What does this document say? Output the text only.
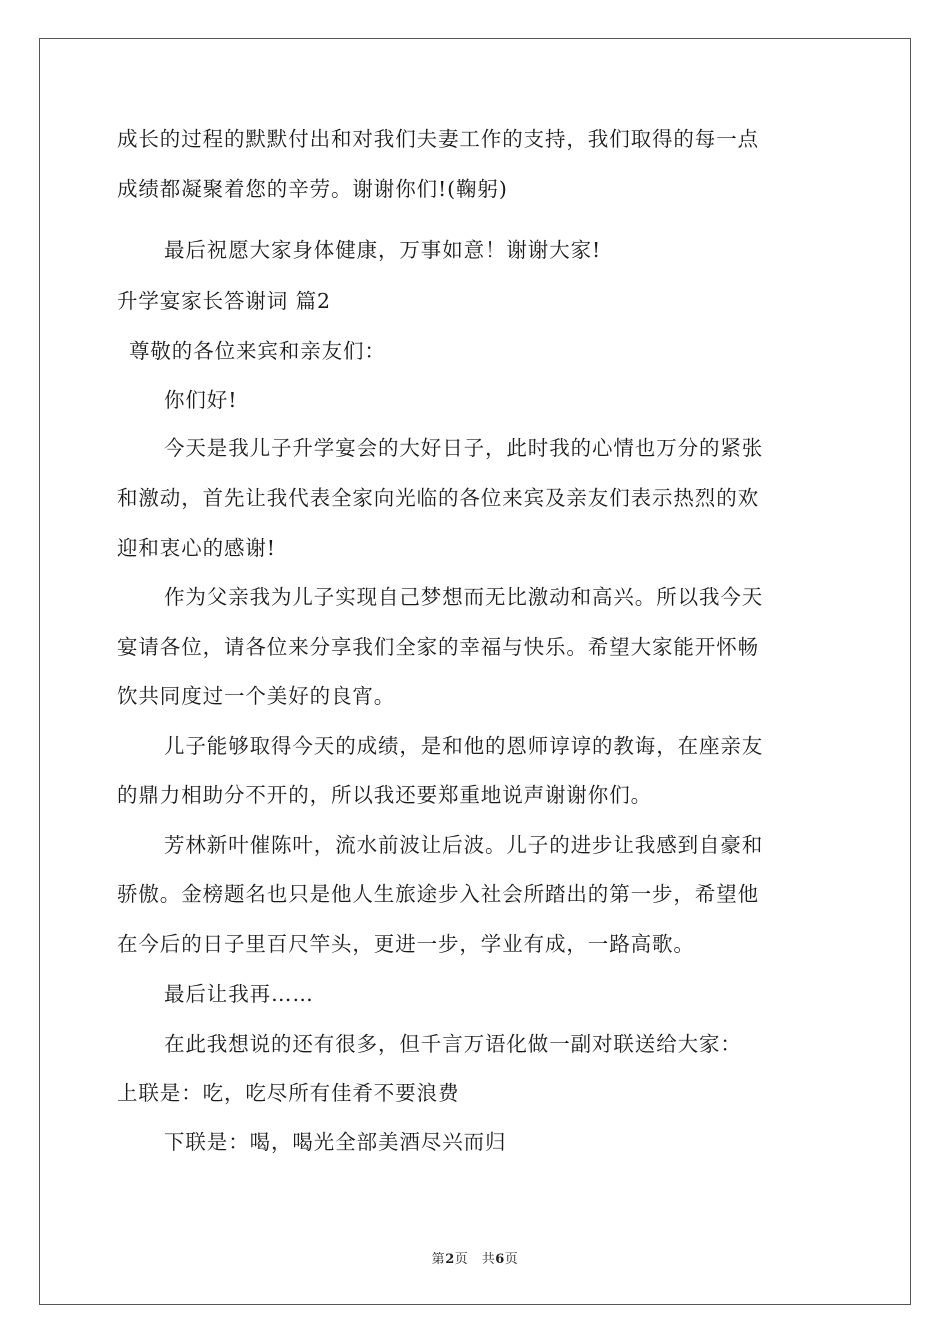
成长的过程的默默付出和对我们夫妻工作的支持，我们取得的每一点
成绩都凝聚着您的辛劳。谢谢你们!(鞠躬)
最后祝愿大家身体健康，万事如意！谢谢大家!
升学宴家长答谢词 篇2
尊敬的各位来宾和亲友们：
你们好!
今天是我儿子升学宴会的大好日子，此时我的心情也万分的紧张
和激动，首先让我代表全家向光临的各位来宾及亲友们表示热烈的欢
迎和衷心的感谢!
作为父亲我为儿子实现自己梦想而无比激动和高兴。所以我今天
宴请各位，请各位来分享我们全家的幸福与快乐。希望大家能开怀畅
饮共同度过一个美好的良宵。
儿子能够取得今天的成绩，是和他的恩师谆谆的教诲，在座亲友
的鼎力相助分不开的，所以我还要郑重地说声谢谢你们。
芳林新叶催陈叶，流水前波让后波。儿子的进步让我感到自豪和
骄傲。金榜题名也只是他人生旅途步入社会所踏出的第一步，希望他
在今后的日子里百尺竿头，更进一步，学业有成，一路高歌。
最后让我再……
在此我想说的还有很多，但千言万语化做一副对联送给大家：
上联是：吃，吃尽所有佳肴不要浪费
下联是：喝，喝光全部美酒尽兴而归
第2页　共6页
